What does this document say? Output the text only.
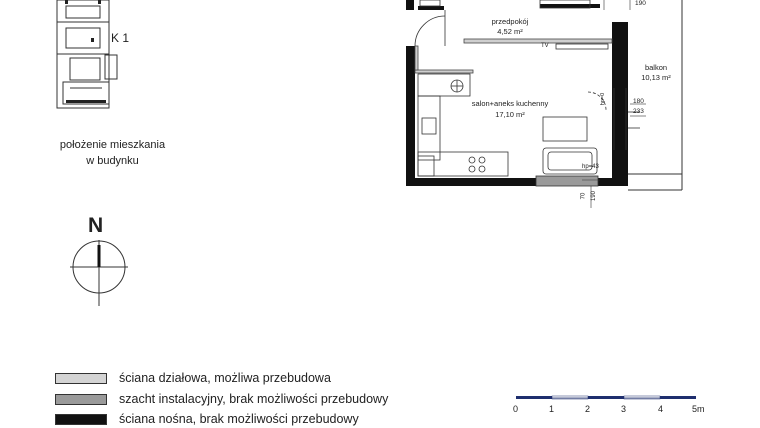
K 1
położenie mieszkania
w budynku
N
przedpokój
4,52 m²
salon+aneks kuchenny
17,10 m²
balkon
10,13 m²
TV
190
180
233
hp=43
hp=0
70 190
ściana działowa, możliwa przebudowa
szacht instalacyjny, brak możliwości przebudowy
ściana nośna, brak możliwości przebudowy
0	1	2	3	4	5m
